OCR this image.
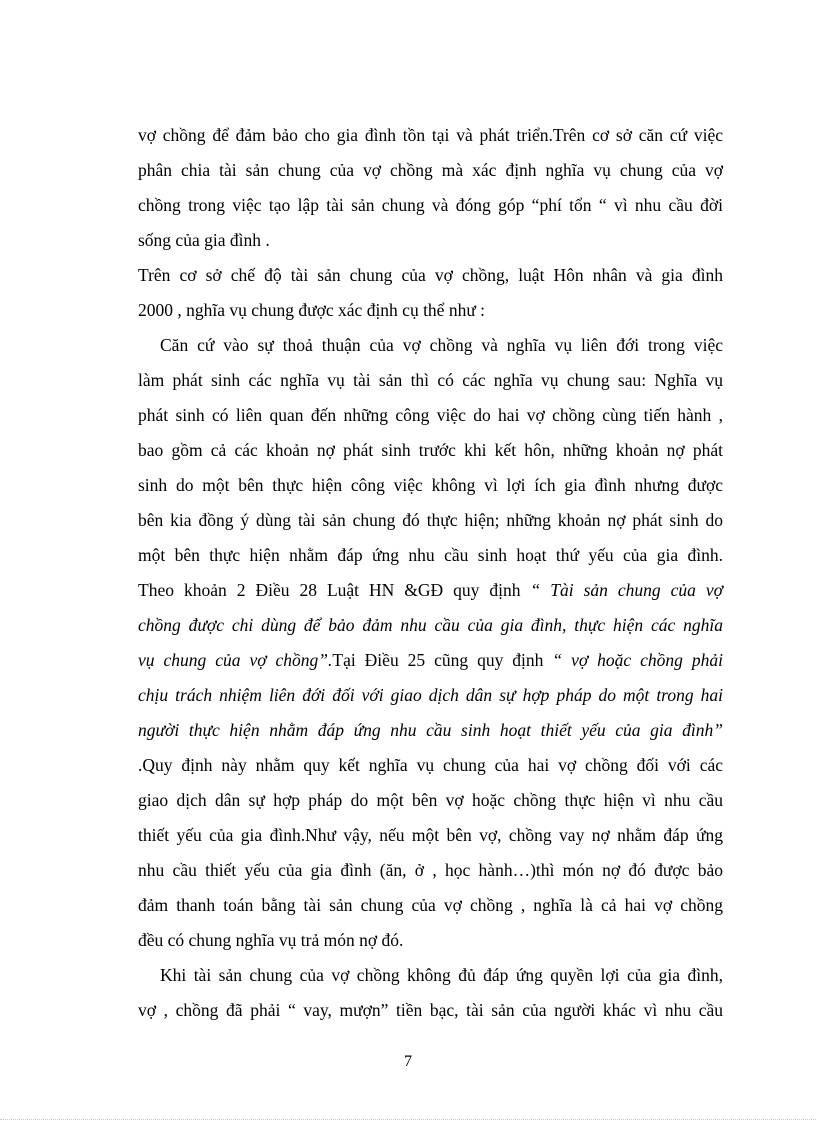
vợ chồng để đảm bảo cho gia đình tồn tại và phát triển.Trên cơ sở căn cứ việc
phân chia tài sản chung của vợ chồng mà xác định nghĩa vụ chung của vợ
chồng trong việc tạo lập tài sản chung và đóng góp “phí tổn “ vì nhu cầu đời
sống của gia đình .
Trên cơ sở chế độ tài sản chung của vợ chồng, luật Hôn nhân và gia đình
2000 , nghĩa vụ chung được xác định cụ thể như :
Căn cứ vào sự thoả thuận của vợ chồng và nghĩa vụ liên đới trong việc
làm phát sinh các nghĩa vụ tài sản thì có các nghĩa vụ chung sau: Nghĩa vụ
phát sinh có liên quan đến những công việc do hai vợ chồng cùng tiến hành ,
bao gồm cả các khoản nợ phát sinh trước khi kết hôn, những khoản nợ phát
sinh do một bên thực hiện công việc không vì lợi ích gia đình nhưng được
bên kia đồng ý dùng tài sản chung đó thực hiện; những khoản nợ phát sinh do
một bên thực hiện nhằm đáp ứng nhu cầu sinh hoạt thứ yếu của gia đình.
Theo khoản 2 Điều 28 Luật HN &GĐ quy định “ Tài sản chung của vợ
chồng được chi dùng để bảo đảm nhu cầu của gia đình, thực hiện các nghĩa
vụ chung của vợ chồng”.Tại Điều 25 cũng quy định “ vợ hoặc chồng phải
chịu trách nhiệm liên đới đối với giao dịch dân sự hợp pháp do một trong hai
người thực hiện nhằm đáp ứng nhu cầu sinh hoạt thiết yếu của gia đình”
.Quy định này nhằm quy kết nghĩa vụ chung của hai vợ chồng đối với các
giao dịch dân sự hợp pháp do một bên vợ hoặc chồng thực hiện vì nhu cầu
thiết yếu của gia đình.Như vậy, nếu một bên vợ, chồng vay nợ nhằm đáp ứng
nhu cầu thiết yếu của gia đình (ăn, ở , học hành…)thì món nợ đó được bảo
đảm thanh toán bằng tài sản chung của vợ chồng , nghĩa là cả hai vợ chồng
đều có chung nghĩa vụ trả món nợ đó.
Khi tài sản chung của vợ chồng không đủ đáp ứng quyền lợi của gia đình,
vợ , chồng đã phải “ vay, mượn” tiền bạc, tài sản của người khác vì nhu cầu
7
